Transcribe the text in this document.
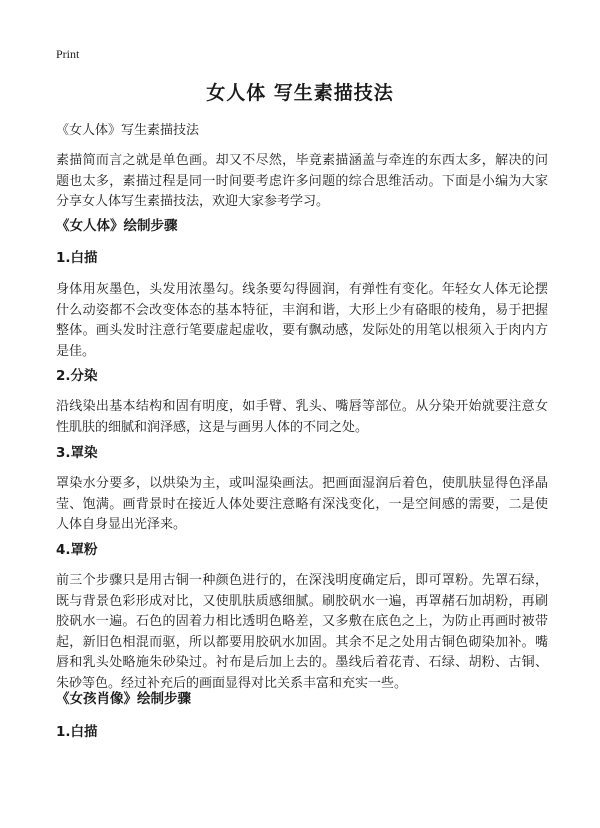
Print
女人体 写生素描技法
《女人体》写生素描技法
素描简而言之就是单色画。却又不尽然，毕竟素描涵盖与牵连的东西太多，解决的问题也太多，素描过程是同一时间要考虑许多问题的综合思维活动。下面是小编为大家分享女人体写生素描技法，欢迎大家参考学习。
《女人体》绘制步骤
1.白描
身体用灰墨色，头发用浓墨勾。线条要勾得圆润，有弹性有变化。年轻女人体无论摆什么动姿都不会改变体态的基本特征，丰润和谐，大形上少有硌眼的棱角，易于把握整体。画头发时注意行笔要虚起虚收，要有飘动感，发际处的用笔以根须入于肉内方是佳。
2.分染
沿线染出基本结构和固有明度，如手臂、乳头、嘴唇等部位。从分染开始就要注意女性肌肤的细腻和润泽感，这是与画男人体的不同之处。
3.罩染
罩染水分要多，以烘染为主，或叫湿染画法。把画面湿润后着色，使肌肤显得色泽晶莹、饱满。画背景时在接近人体处要注意略有深浅变化，一是空间感的需要，二是使人体自身显出光泽来。
4.罩粉
前三个步骤只是用古铜一种颜色进行的，在深浅明度确定后，即可罩粉。先罩石绿，既与背景色彩形成对比，又使肌肤质感细腻。刷胶矾水一遍，再罩赭石加胡粉，再刷胶矾水一遍。石色的固着力相比透明色略差，又多敷在底色之上，为防止再画时被带起，新旧色相混而驱，所以都要用胶矾水加固。其余不足之处用古铜色砌染加补。嘴唇和乳头处略施朱砂染过。衬布是后加上去的。墨线后着花青、石绿、胡粉、古铜、朱砂等色。经过补充后的画面显得对比关系丰富和充实一些。
《女孩肖像》绘制步骤
1.白描
